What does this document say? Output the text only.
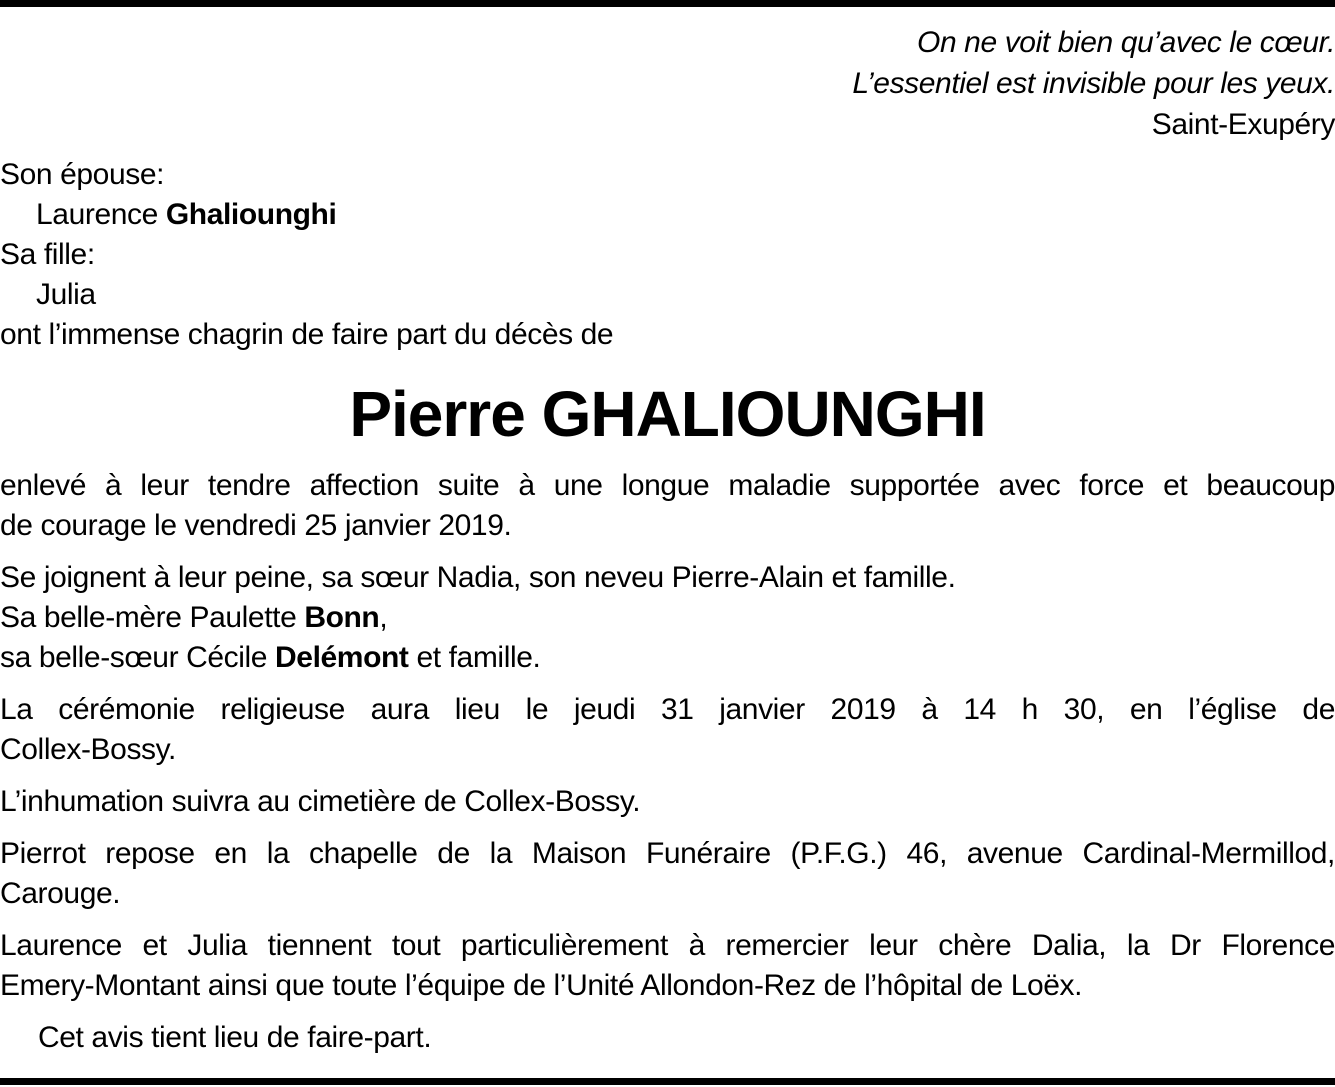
On ne voit bien qu’avec le cœur.
L’essentiel est invisible pour les yeux.
Saint-Exupéry
Son épouse:
Laurence Ghaliounghi
Sa fille:
Julia
ont l’immense chagrin de faire part du décès de
Pierre GHALIOUNGHI
enlevé à leur tendre affection suite à une longue maladie supportée avec force et beaucoup
de courage le vendredi 25 janvier 2019.
Se joignent à leur peine, sa sœur Nadia, son neveu Pierre-Alain et famille.
Sa belle-mère Paulette Bonn,
sa belle-sœur Cécile Delémont et famille.
La cérémonie religieuse aura lieu le jeudi 31 janvier 2019 à 14 h 30, en l’église de
Collex-Bossy.
L’inhumation suivra au cimetière de Collex-Bossy.
Pierrot repose en la chapelle de la Maison Funéraire (P.F.G.) 46, avenue Cardinal-Mermillod,
Carouge.
Laurence et Julia tiennent tout particulièrement à remercier leur chère Dalia, la Dr Florence
Emery-Montant ainsi que toute l’équipe de l’Unité Allondon-Rez de l’hôpital de Loëx.
Cet avis tient lieu de faire-part.
